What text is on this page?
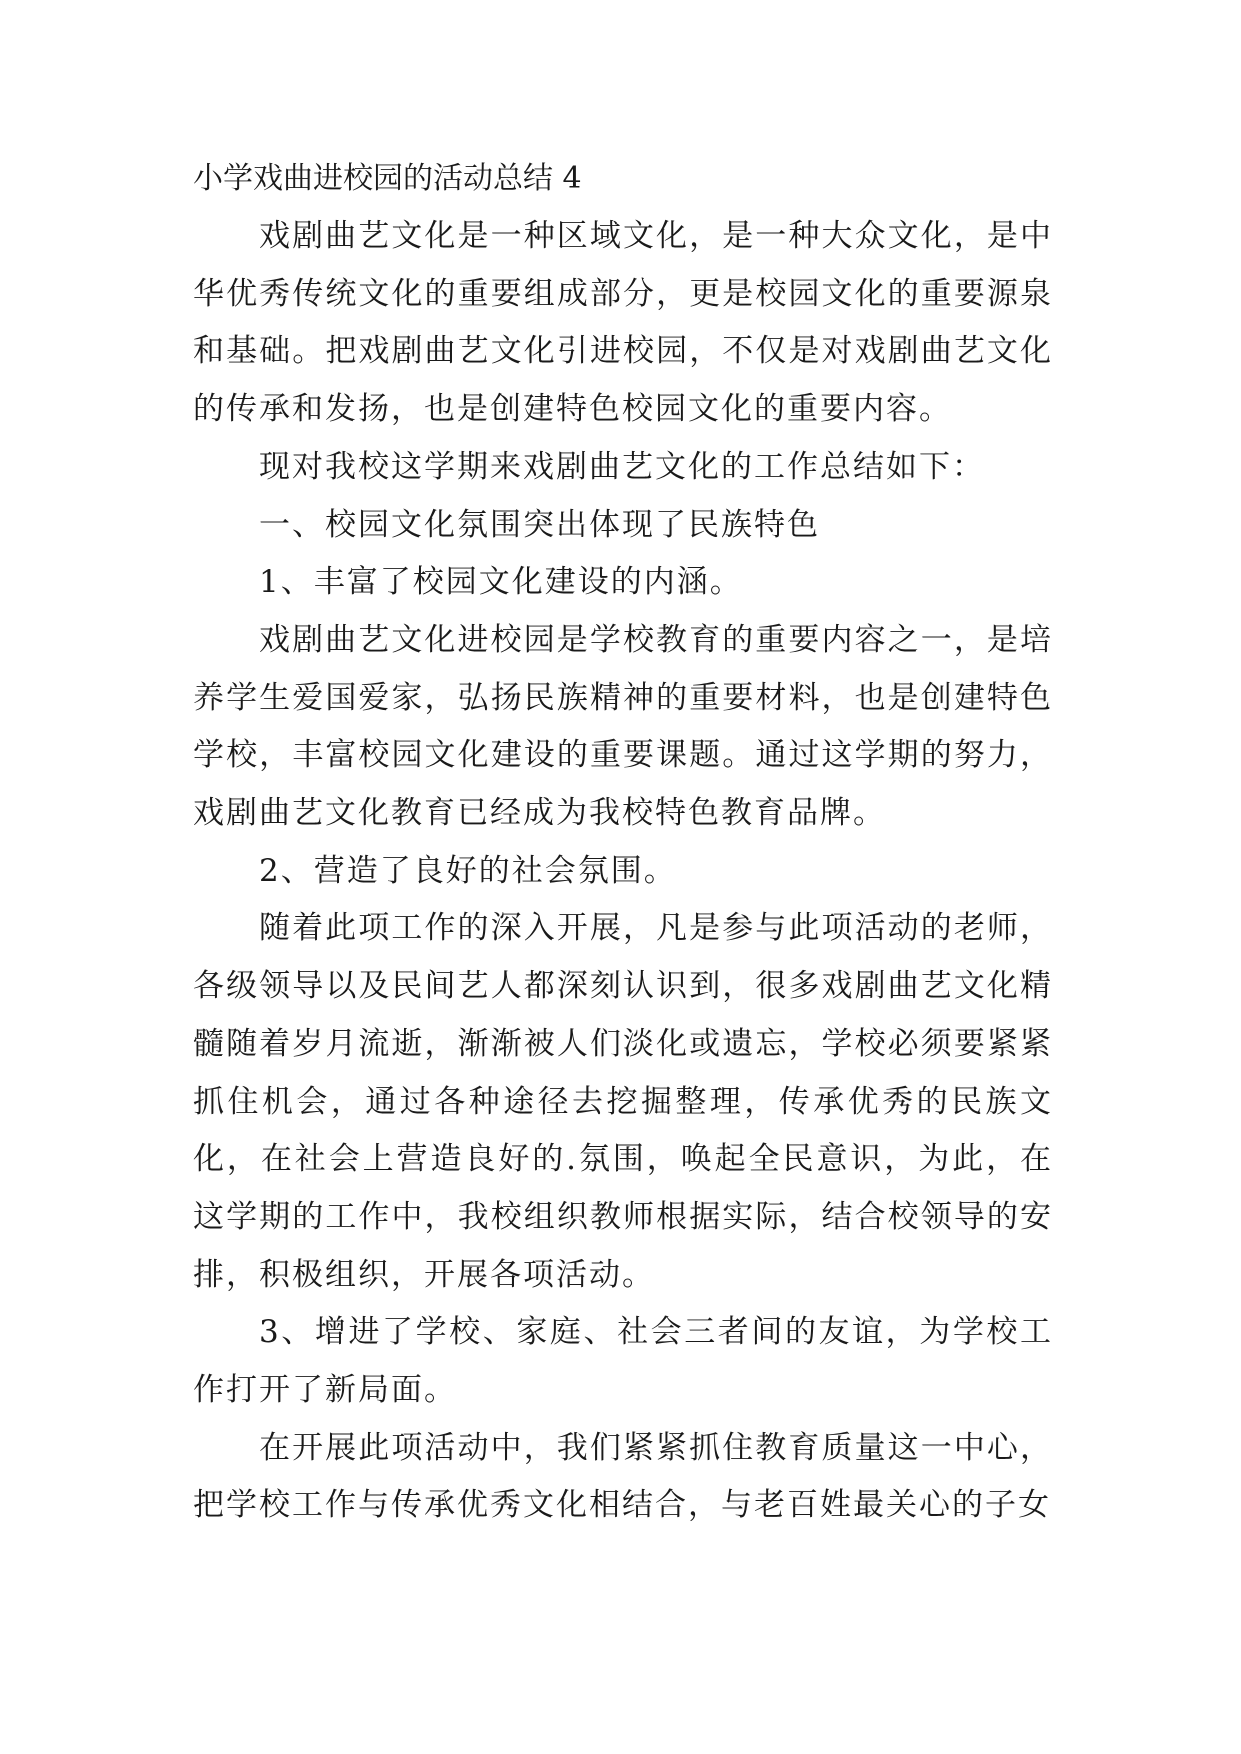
小学戏曲进校园的活动总结 4

戏剧曲艺文化是一种区域文化，是一种大众文化，是中华优秀传统文化的重要组成部分，更是校园文化的重要源泉和基础。把戏剧曲艺文化引进校园，不仅是对戏剧曲艺文化的传承和发扬，也是创建特色校园文化的重要内容。

现对我校这学期来戏剧曲艺文化的工作总结如下：

一、校园文化氛围突出体现了民族特色

1、丰富了校园文化建设的内涵。

戏剧曲艺文化进校园是学校教育的重要内容之一，是培养学生爱国爱家，弘扬民族精神的重要材料，也是创建特色学校，丰富校园文化建设的重要课题。通过这学期的努力，戏剧曲艺文化教育已经成为我校特色教育品牌。

2、营造了良好的社会氛围。

随着此项工作的深入开展，凡是参与此项活动的老师，各级领导以及民间艺人都深刻认识到，很多戏剧曲艺文化精髓随着岁月流逝，渐渐被人们淡化或遗忘，学校必须要紧紧抓住机会，通过各种途径去挖掘整理，传承优秀的民族文化，在社会上营造良好的.氛围，唤起全民意识，为此，在这学期的工作中，我校组织教师根据实际，结合校领导的安排，积极组织，开展各项活动。

3、增进了学校、家庭、社会三者间的友谊，为学校工作打开了新局面。

在开展此项活动中，我们紧紧抓住教育质量这一中心，把学校工作与传承优秀文化相结合，与老百姓最关心的子女
